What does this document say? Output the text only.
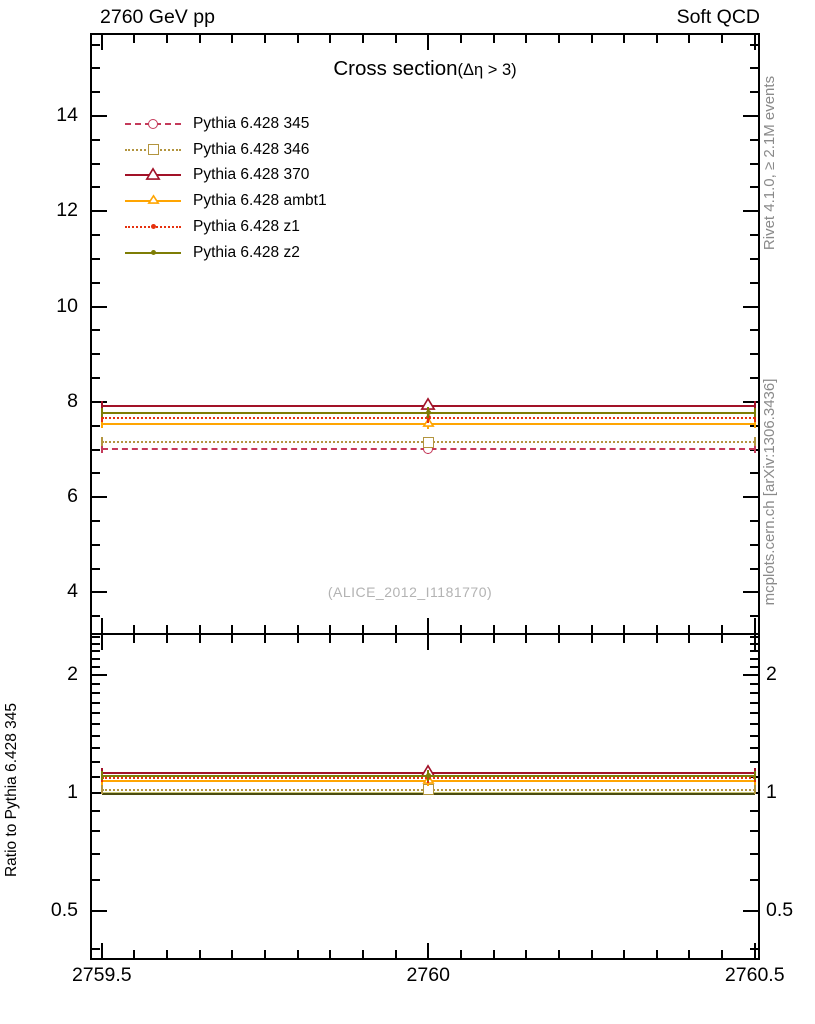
2760 GeV pp	Soft QCD
Cross section(Δη > 3)
Pythia 6.428 345
Pythia 6.428 346
Pythia 6.428 370
Pythia 6.428 ambt1
Pythia 6.428 z1
Pythia 6.428 z2
(ALICE_2012_I1181770)
Rivet 4.1.0, ≥ 2.1M events
mcplots.cern.ch [arXiv:1306.3436]
Ratio to Pythia 6.428 345
2759.5	2760	2760.5
4
6
8
10
12
14
0.5	0.5
1	1
2	2
